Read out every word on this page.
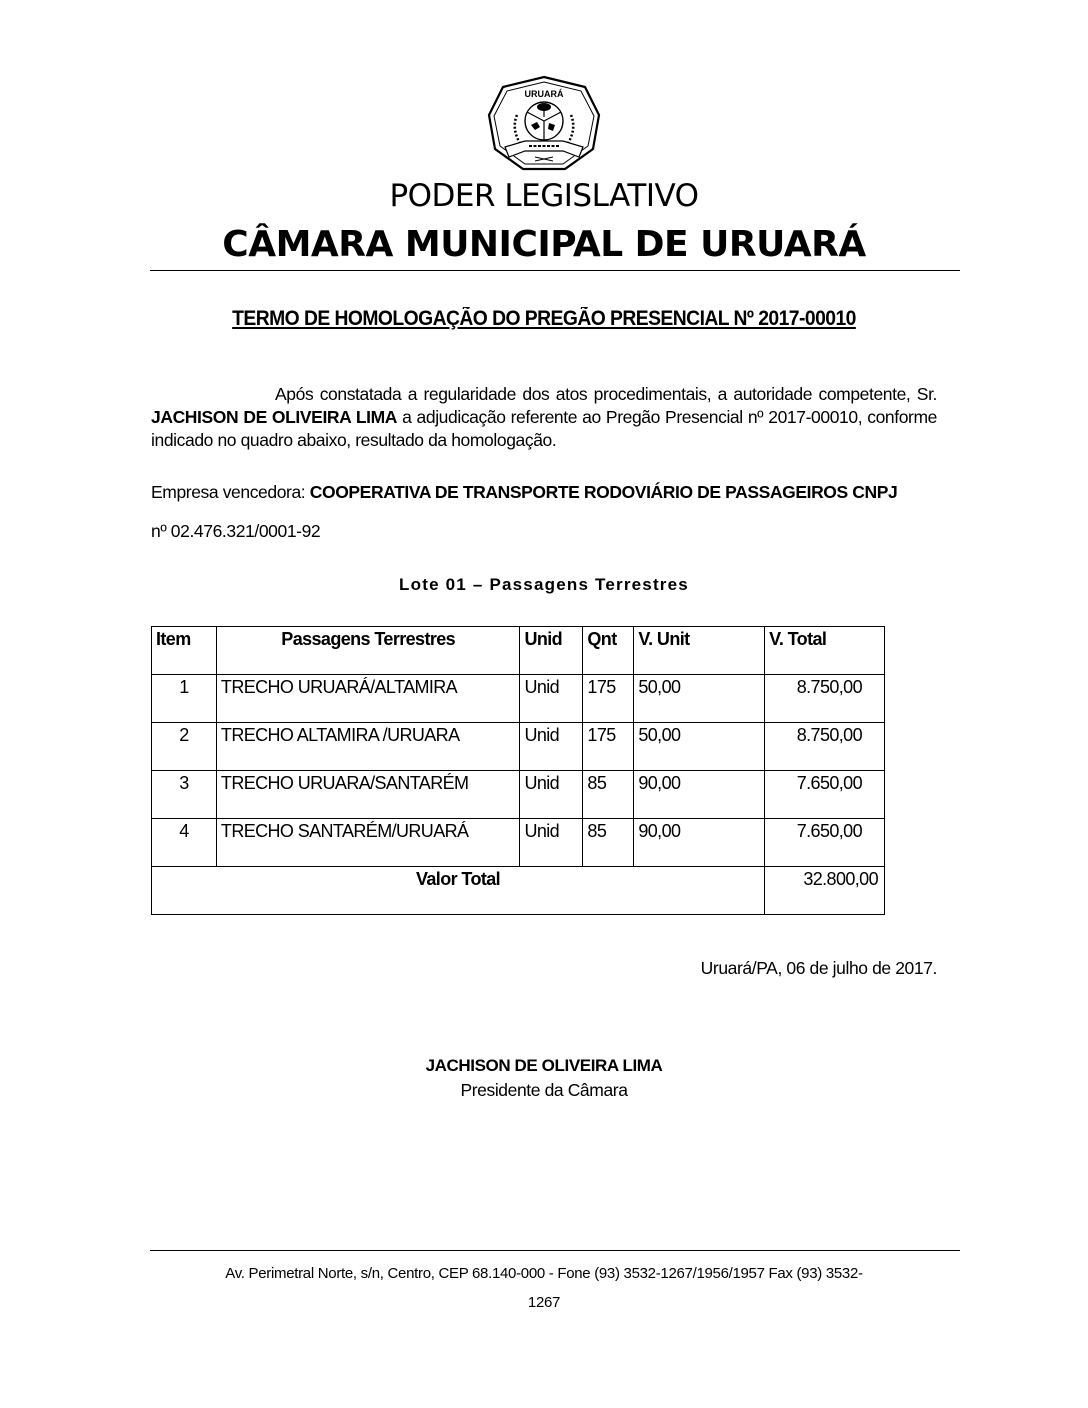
URUARÁ
PODER LEGISLATIVO
CÂMARA MUNICIPAL DE URUARÁ
TERMO DE HOMOLOGAÇÃO DO PREGÃO PRESENCIAL Nº 2017-00010
Após constatada a regularidade dos atos procedimentais, a autoridade competente, Sr. JACHISON DE OLIVEIRA LIMA a adjudicação referente ao Pregão Presencial nº 2017-00010, conforme indicado no quadro abaixo, resultado da homologação.
Empresa vencedora: COOPERATIVA DE TRANSPORTE RODOVIÁRIO DE PASSAGEIROS CNPJ
nº 02.476.321/0001-92
Lote 01 – Passagens Terrestres
Item	Passagens Terrestres	Unid	Qnt	V. Unit	V. Total
1	TRECHO URUARÁ/ALTAMIRA	Unid	175	50,00	8.750,00
2	TRECHO ALTAMIRA /URUARA	Unid	175	50,00	8.750,00
3	TRECHO URUARA/SANTARÉM	Unid	85	90,00	7.650,00
4	TRECHO SANTARÉM/URUARÁ	Unid	85	90,00	7.650,00
Valor Total					32.800,00
Uruará/PA, 06 de julho de 2017.
JACHISON DE OLIVEIRA LIMA
Presidente da Câmara
Av. Perimetral Norte, s/n, Centro, CEP 68.140-000 - Fone (93) 3532-1267/1956/1957 Fax (93) 3532-
1267
